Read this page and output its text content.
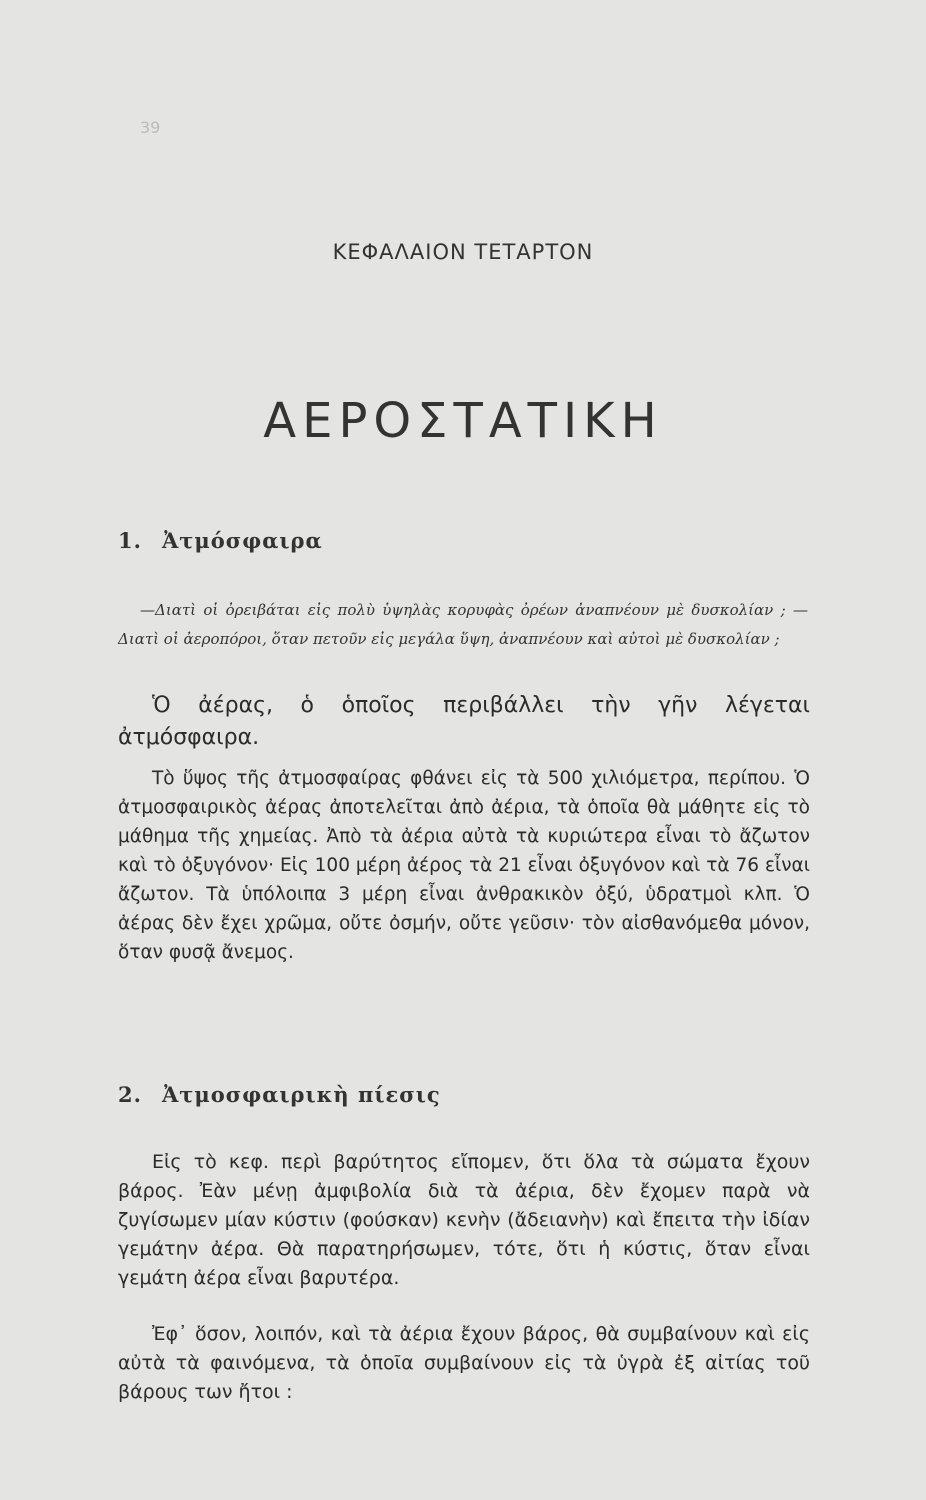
39
ΚΕΦΑΛΑΙΟΝ ΤΕΤΑΡΤΟΝ
ΑΕΡΟΣΤΑΤΙΚΗ
1. Ἀτμόσφαιρα
—Διατὶ οἱ ὀρειβάται εἰς πολὺ ὑψηλὰς κορυφὰς ὀρέων ἀναπνέουν μὲ δυσκολίαν ; —Διατὶ οἱ ἀεροπόροι, ὅταν πετοῦν εἰς μεγάλα ὕψη, ἀναπνέουν καὶ αὐτοὶ μὲ δυσκολίαν ;
Ὁ ἀέρας, ὁ ὁποῖος περιβάλλει τὴν γῆν λέγεται ἀτμόσφαιρα.
Τὸ ὕψος τῆς ἀτμοσφαίρας φθάνει εἰς τὰ 500 χιλιόμετρα, περίπου. Ὁ ἀτμοσφαιρικὸς ἀέρας ἀποτελεῖται ἀπὸ ἀέρια, τὰ ὁποῖα θὰ μάθητε εἰς τὸ μάθημα τῆς χημείας. Ἀπὸ τὰ ἀέρια αὐτὰ τὰ κυριώτερα εἶναι τὸ ἄζωτον καὶ τὸ ὀξυγόνον· Εἰς 100 μέρη ἀέρος τὰ 21 εἶναι ὀξυγόνον καὶ τὰ 76 εἶναι ἄζωτον. Τὰ ὑπόλοιπα 3 μέρη εἶναι ἀνθρακικὸν ὀξύ, ὑδρατμοὶ κλπ. Ὁ ἀέρας δὲν ἔχει χρῶμα, οὔτε ὀσμήν, οὔτε γεῦσιν· τὸν αἰσθανόμεθα μόνον, ὅταν φυσᾷ ἄνεμος.
2. Ἀτμοσφαιρικὴ πίεσις
Εἰς τὸ κεφ. περὶ βαρύτητος εἴπομεν, ὅτι ὅλα τὰ σώματα ἔχουν βάρος. Ἐὰν μένῃ ἀμφιβολία διὰ τὰ ἀέρια, δὲν ἔχομεν παρὰ νὰ ζυγίσωμεν μίαν κύστιν (φούσκαν) κενὴν (ἄδειανὴν) καὶ ἔπειτα τὴν ἰδίαν γεμάτην ἀέρα. Θὰ παρατηρήσωμεν, τότε, ὅτι ἡ κύστις, ὅταν εἶναι γεμάτη ἀέρα εἶναι βαρυτέρα.
Ἐφ᾽ ὅσον, λοιπόν, καὶ τὰ ἀέρια ἔχουν βάρος, θὰ συμβαίνουν καὶ εἰς αὐτὰ τὰ φαινόμενα, τὰ ὁποῖα συμβαίνουν εἰς τὰ ὑγρὰ ἐξ αἰτίας τοῦ βάρους των ἤτοι :
